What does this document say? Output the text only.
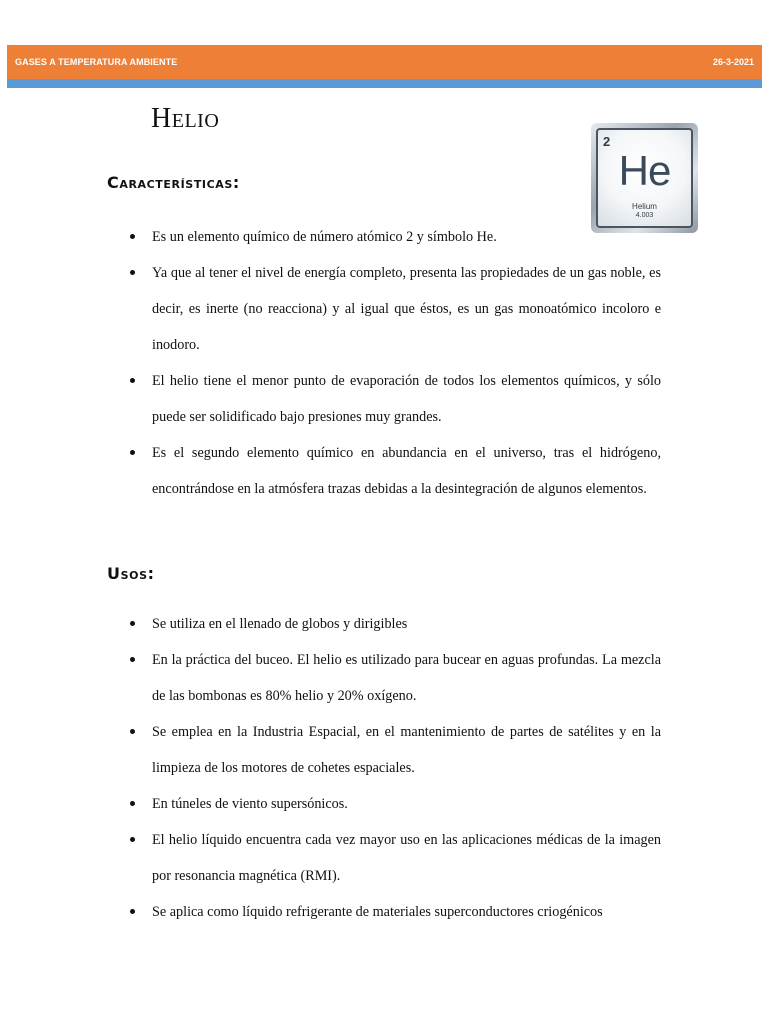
GASES A TEMPERATURA AMBIENTE	26-3-2021
Helio
2
He
Helium
4.003
Características:
Es un elemento químico de número atómico 2 y símbolo He.
Ya que al tener el nivel de energía completo, presenta las propiedades de un gas noble, es decir, es inerte (no reacciona) y al igual que éstos, es un gas monoatómico incoloro e inodoro.
El helio tiene el menor punto de evaporación de todos los elementos químicos, y sólo puede ser solidificado bajo presiones muy grandes.
Es el segundo elemento químico en abundancia en el universo, tras el hidrógeno, encontrándose en la atmósfera trazas debidas a la desintegración de algunos elementos.
Usos:
Se utiliza en el llenado de globos y dirigibles
En la práctica del buceo. El helio es utilizado para bucear en aguas profundas. La mezcla de las bombonas es 80% helio y 20% oxígeno.
Se emplea en la Industria Espacial, en el mantenimiento de partes de satélites y en la limpieza de los motores de cohetes espaciales.
En túneles de viento supersónicos.
El helio líquido encuentra cada vez mayor uso en las aplicaciones médicas de la imagen por resonancia magnética (RMI).
Se aplica como líquido refrigerante de materiales superconductores criogénicos
